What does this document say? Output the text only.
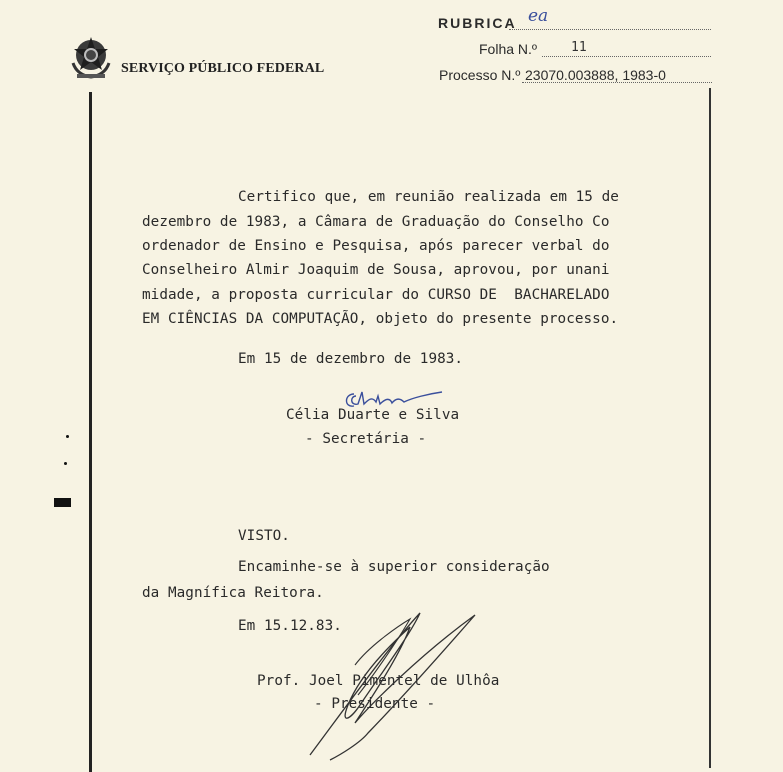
SERVIÇO PÚBLICO FEDERAL
RUBRICA ea
Folha N.º	11
Processo N.º 23070.003888, 1983-0
Certifico que, em reunião realizada em 15 de
dezembro de 1983, a Câmara de Graduação do Conselho Co
ordenador de Ensino e Pesquisa, após parecer verbal do
Conselheiro Almir Joaquim de Sousa, aprovou, por unani
midade, a proposta curricular do CURSO DE  BACHARELADO
EM CIÊNCIAS DA COMPUTAÇÃO, objeto do presente processo.
Em 15 de dezembro de 1983.
Célia Duarte e Silva
- Secretária -
VISTO.
Encaminhe-se à superior consideração
da Magnífica Reitora.
Em 15.12.83.
Prof. Joel Pimentel de Ulhôa
- Presidente -
